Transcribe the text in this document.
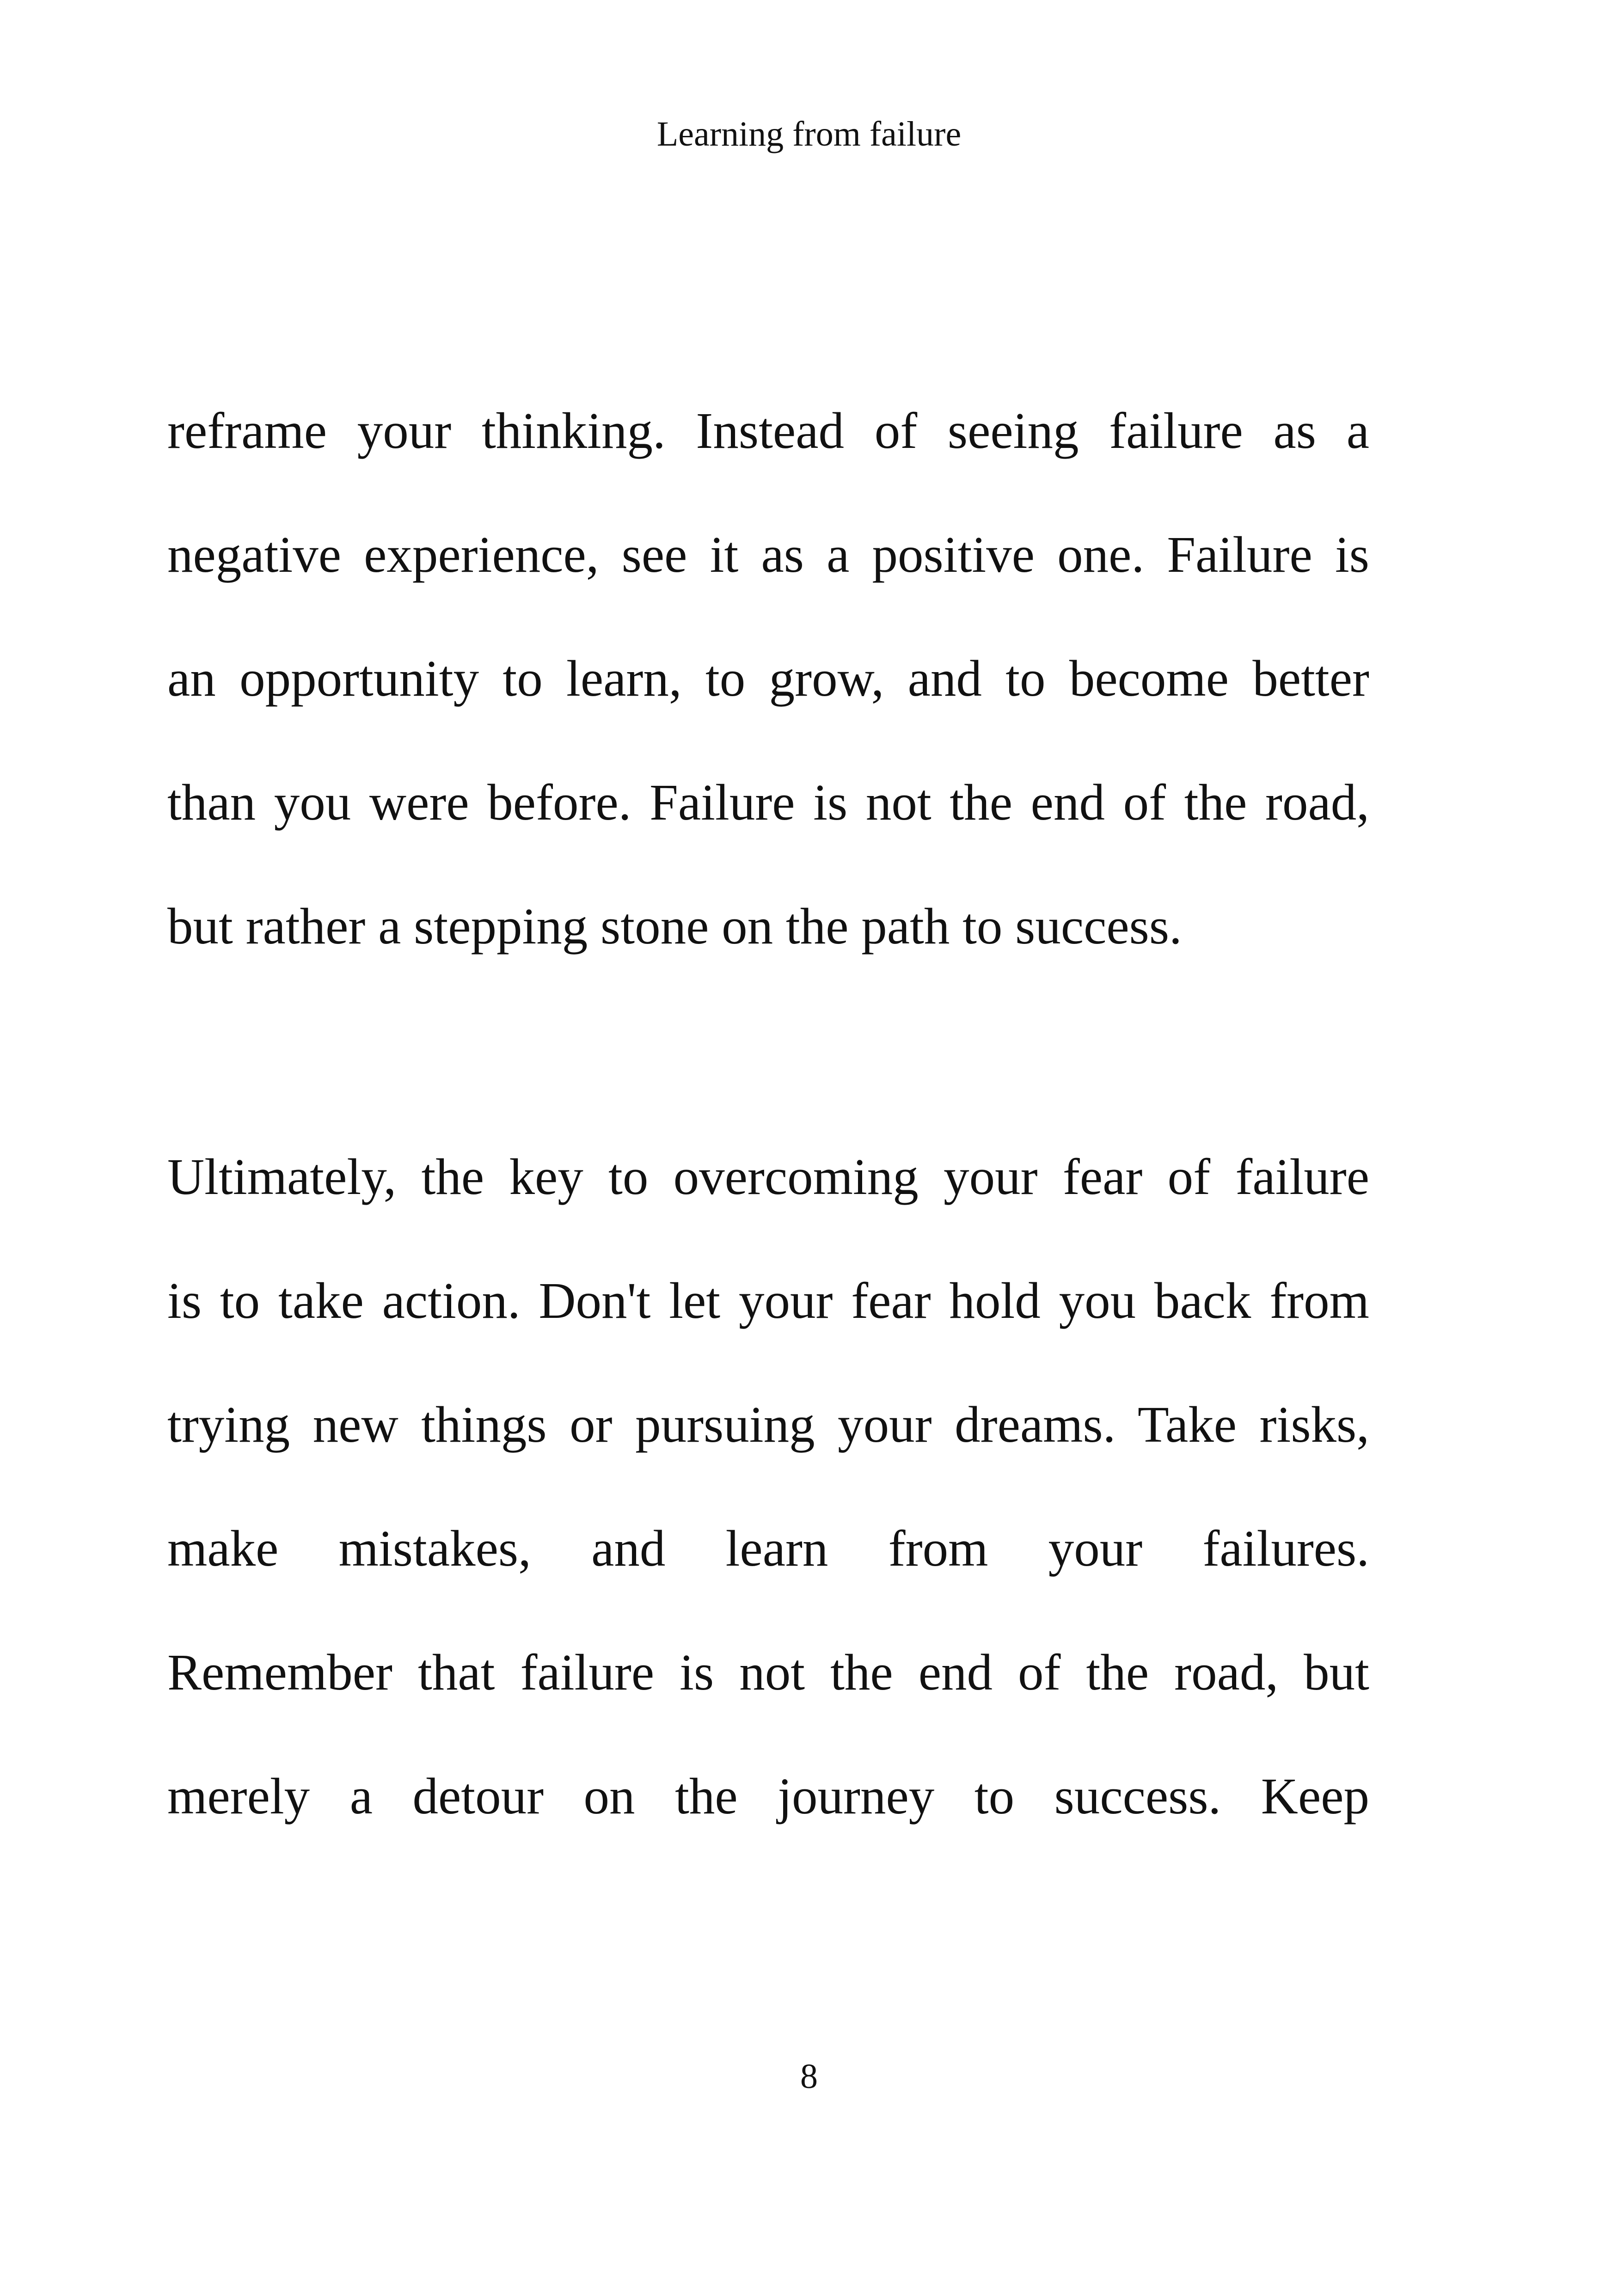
Learning from failure
reframe your thinking. Instead of seeing failure as a
negative experience, see it as a positive one. Failure is
an opportunity to learn, to grow, and to become better
than you were before. Failure is not the end of the road,
but rather a stepping stone on the path to success.
Ultimately, the key to overcoming your fear of failure
is to take action. Don't let your fear hold you back from
trying new things or pursuing your dreams. Take risks,
make mistakes, and learn from your failures.
Remember that failure is not the end of the road, but
merely a detour on the journey to success. Keep
8
